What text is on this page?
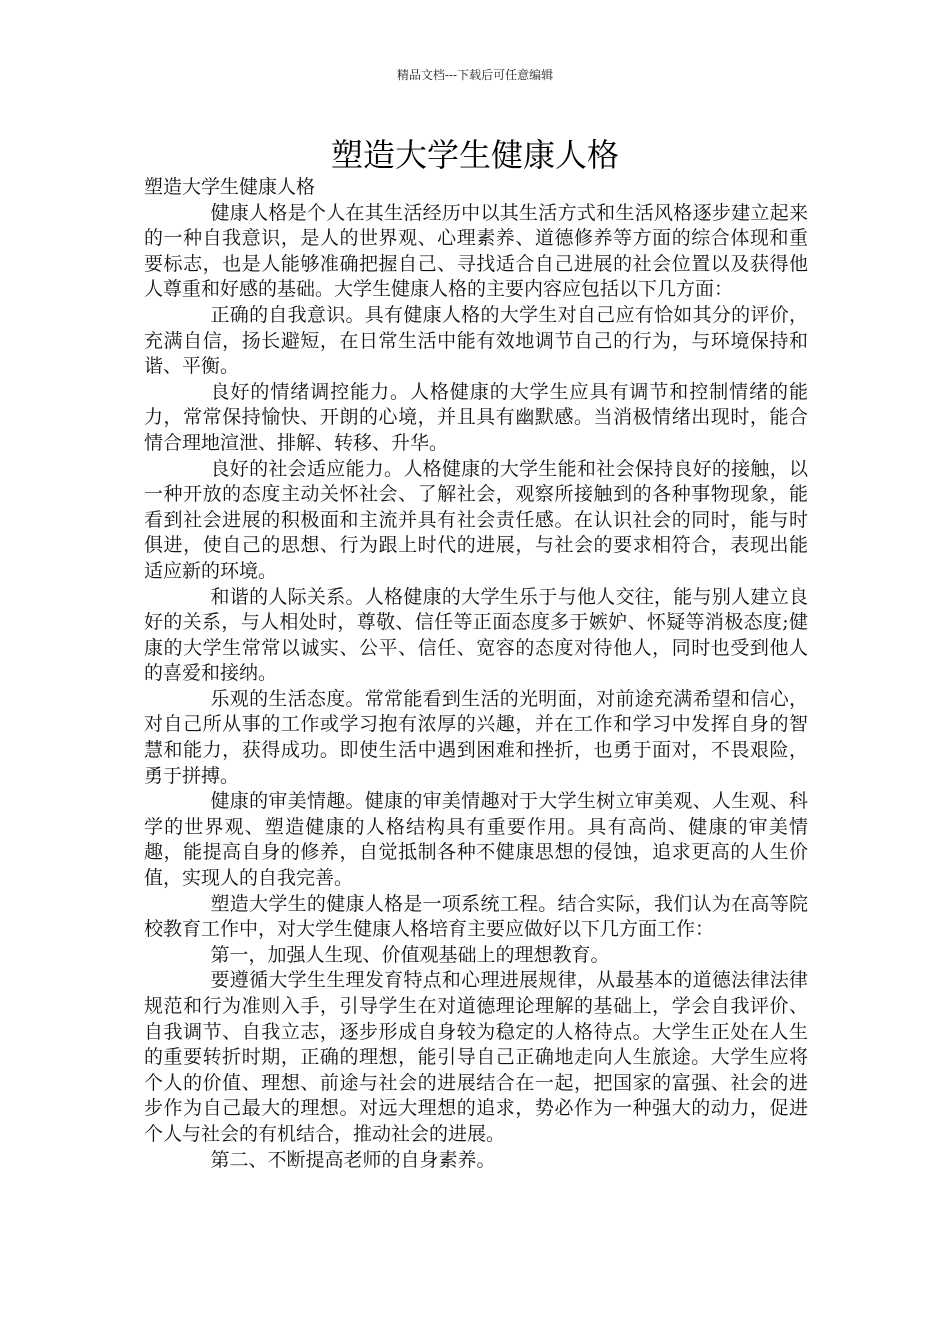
精品文档---下载后可任意编辑
塑造大学生健康人格

塑造大学生健康人格

健康人格是个人在其生活经历中以其生活方式和生活风格逐步建立起来的一种自我意识，是人的世界观、心理素养、道德修养等方面的综合体现和重要标志，也是人能够准确把握自己、寻找适合自己进展的社会位置以及获得他人尊重和好感的基础。大学生健康人格的主要内容应包括以下几方面：

正确的自我意识。具有健康人格的大学生对自己应有恰如其分的评价，充满自信，扬长避短，在日常生活中能有效地调节自己的行为，与环境保持和谐、平衡。

良好的情绪调控能力。人格健康的大学生应具有调节和控制情绪的能力，常常保持愉快、开朗的心境，并且具有幽默感。当消极情绪出现时，能合情合理地渲泄、排解、转移、升华。

良好的社会适应能力。人格健康的大学生能和社会保持良好的接触，以一种开放的态度主动关怀社会、了解社会，观察所接触到的各种事物现象，能看到社会进展的积极面和主流并具有社会责任感。在认识社会的同时，能与时俱进，使自己的思想、行为跟上时代的进展，与社会的要求相符合，表现出能适应新的环境。

和谐的人际关系。人格健康的大学生乐于与他人交往，能与别人建立良好的关系，与人相处时，尊敬、信任等正面态度多于嫉妒、怀疑等消极态度;健康的大学生常常以诚实、公平、信任、宽容的态度对待他人，同时也受到他人的喜爱和接纳。

乐观的生活态度。常常能看到生活的光明面，对前途充满希望和信心，对自己所从事的工作或学习抱有浓厚的兴趣，并在工作和学习中发挥自身的智慧和能力，获得成功。即使生活中遇到困难和挫折，也勇于面对，不畏艰险，勇于拼搏。

健康的审美情趣。健康的审美情趣对于大学生树立审美观、人生观、科学的世界观、塑造健康的人格结构具有重要作用。具有高尚、健康的审美情趣，能提高自身的修养，自觉抵制各种不健康思想的侵蚀，追求更高的人生价值，实现人的自我完善。

塑造大学生的健康人格是一项系统工程。结合实际，我们认为在高等院校教育工作中，对大学生健康人格培育主要应做好以下几方面工作：

第一，加强人生现、价值观基础上的理想教育。

要遵循大学生生理发育特点和心理进展规律，从最基本的道德法律法律规范和行为准则入手，引导学生在对道德理论理解的基础上，学会自我评价、自我调节、自我立志，逐步形成自身较为稳定的人格待点。大学生正处在人生的重要转折时期，正确的理想，能引导自己正确地走向人生旅途。大学生应将个人的价值、理想、前途与社会的进展结合在一起，把国家的富强、社会的进步作为自己最大的理想。对远大理想的追求，势必作为一种强大的动力，促进个人与社会的有机结合，推动社会的进展。

第二、不断提高老师的自身素养。
